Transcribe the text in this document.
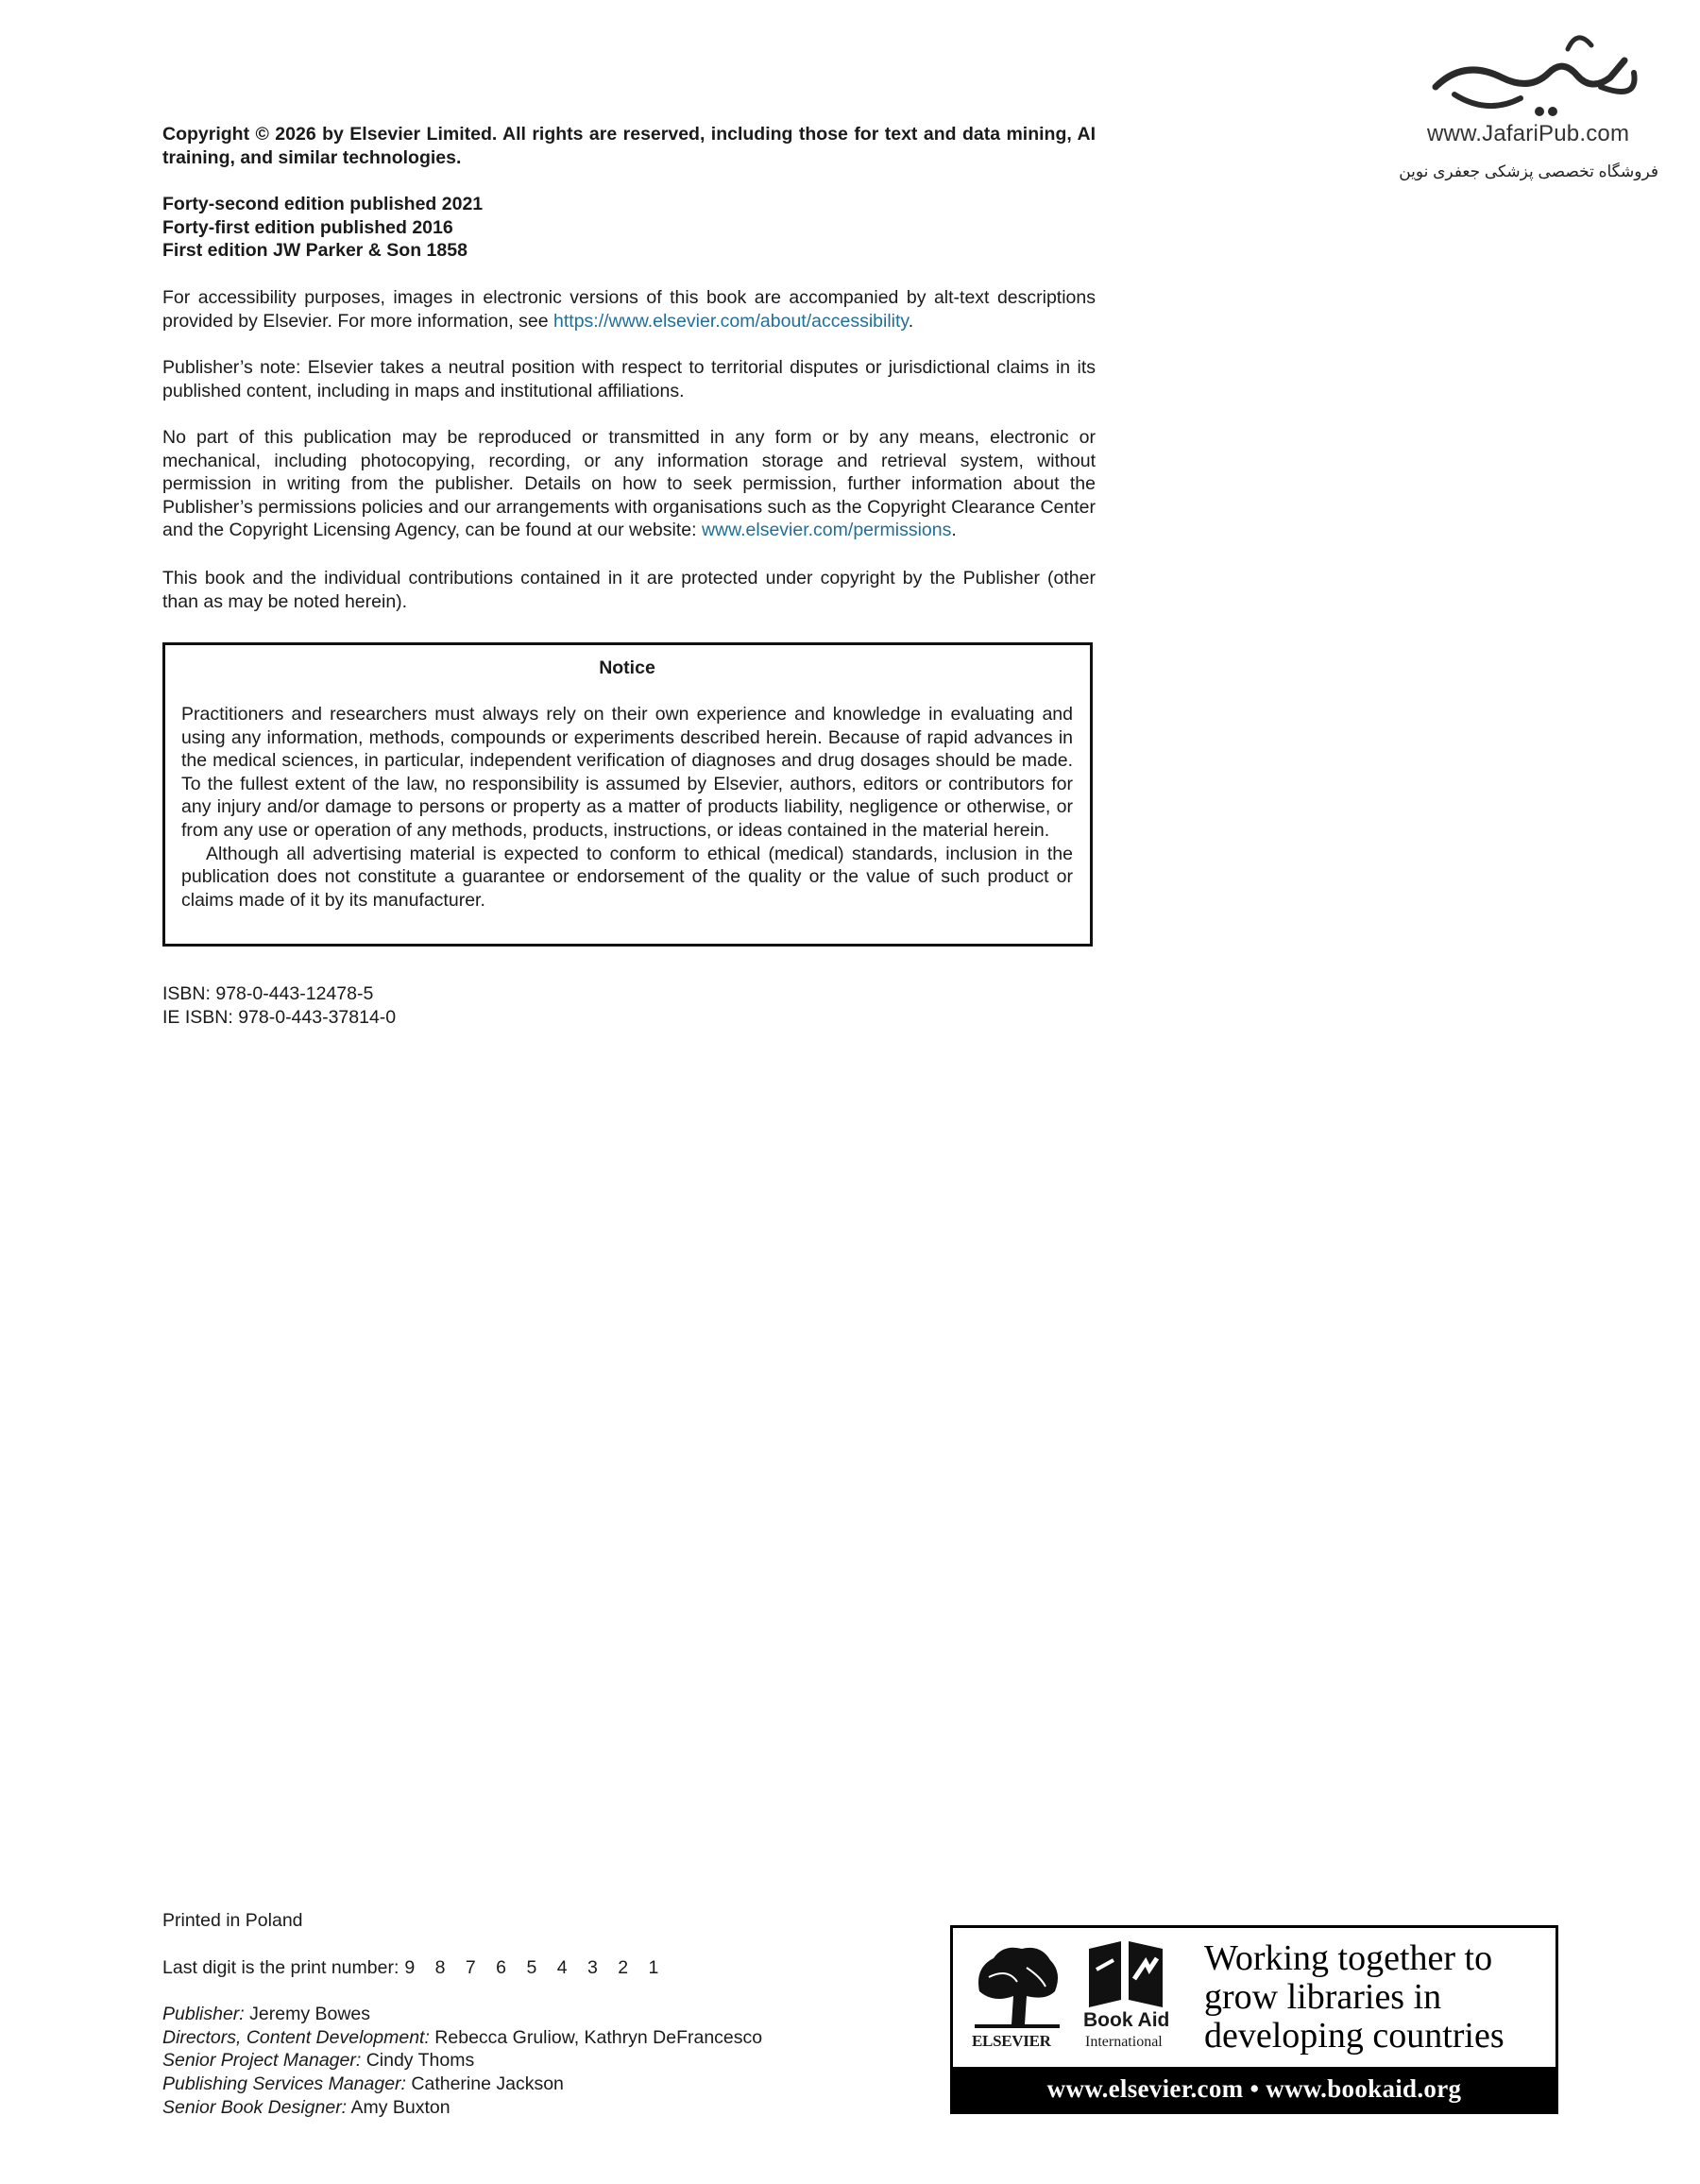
www.JafariPub.com
فروشگاه تخصصی پزشکی جعفری نوین
Copyright © 2026 by Elsevier Limited. All rights are reserved, including those for text and data mining, AI training, and similar technologies.

Forty-second edition published 2021

Forty-first edition published 2016

First edition JW Parker & Son 1858

For accessibility purposes, images in electronic versions of this book are accompanied by alt-text descriptions provided by Elsevier. For more information, see https://www.elsevier.com/about/accessibility.
Publisher’s note: Elsevier takes a neutral position with respect to territorial disputes or jurisdictional claims in its published content, including in maps and institutional affiliations.
No part of this publication may be reproduced or transmitted in any form or by any means, electronic or mechanical, including photocopying, recording, or any information storage and retrieval system, without permission in writing from the publisher. Details on how to seek permission, further information about the Publisher’s permissions policies and our arrangements with organisations such as the Copyright Clearance Center and the Copyright Licensing Agency, can be found at our website: www.elsevier.com/permissions.
This book and the individual contributions contained in it are protected under copyright by the Publisher (other than as may be noted herein).
Notice

Practitioners and researchers must always rely on their own experience and knowledge in evaluating and using any information, methods, compounds or experiments described herein. Because of rapid advances in the medical sciences, in particular, independent verification of diagnoses and drug dosages should be made. To the fullest extent of the law, no responsibility is assumed by Elsevier, authors, editors or contributors for any injury and/or damage to persons or property as a matter of products liability, negligence or otherwise, or from any use or operation of any methods, products, instructions, or ideas contained in the material herein.

Although all advertising material is expected to conform to ethical (medical) standards, inclusion in the publication does not constitute a guarantee or endorsement of the quality or the value of such product or claims made of it by its manufacturer.

ISBN: 978-0-443-12478-5

IE ISBN: 978-0-443-37814-0

Printed in Poland

Last digit is the print number: 9 8 7 6 5 4 3 2 1

Publisher: Jeremy Bowes

Directors, Content Development: Rebecca Gruliow, Kathryn DeFrancesco

Senior Project Manager: Cindy Thoms

Publishing Services Manager: Catherine Jackson

Senior Book Designer: Amy Buxton

ELSEVIER
Book Aid
International
Working together to grow libraries in developing countries
www.elsevier.com • www.bookaid.org
